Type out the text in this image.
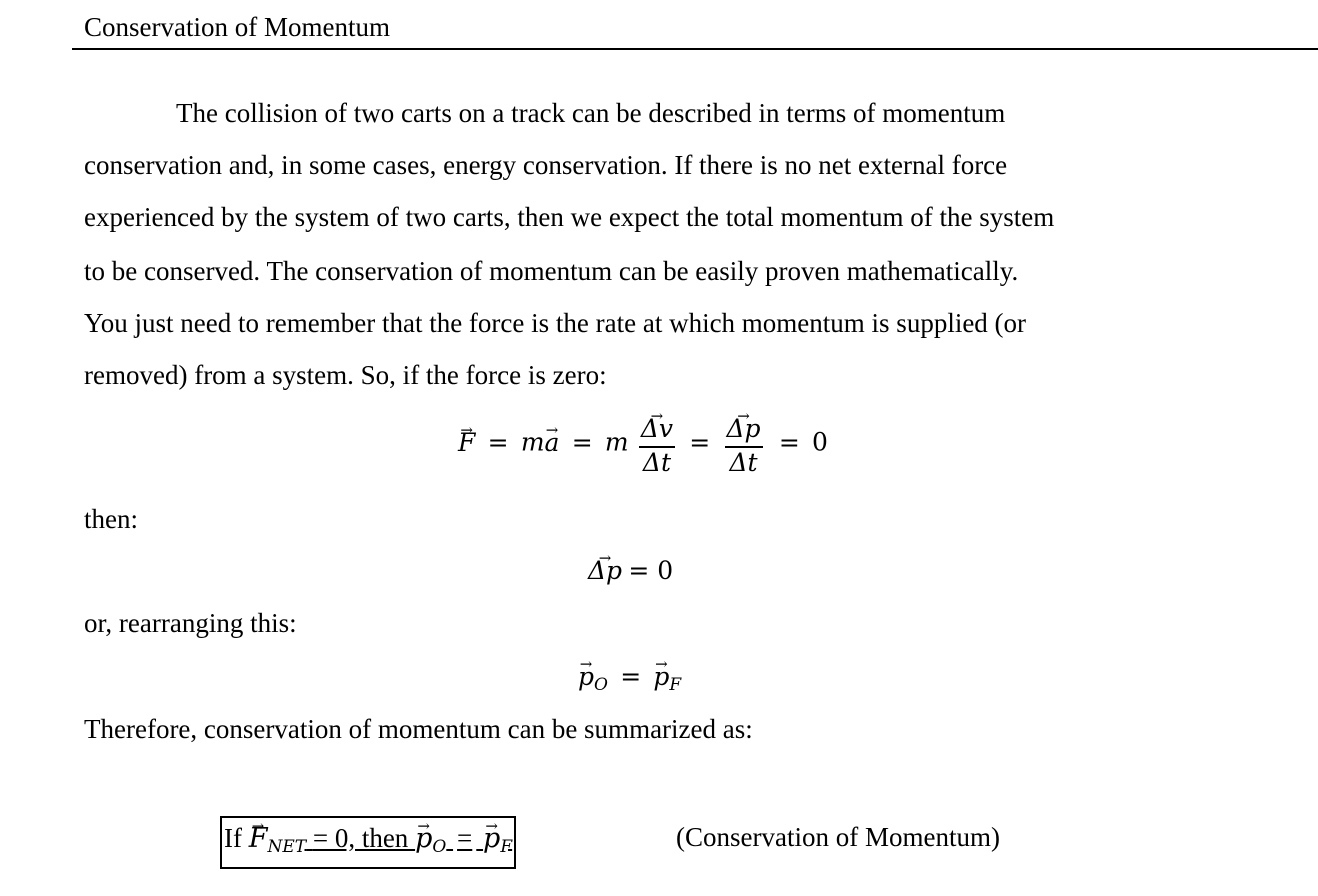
Conservation of Momentum
The collision of two carts on a track can be described in terms of momentum
conservation and, in some cases, energy conservation. If there is no net external force
experienced by the system of two carts, then we expect the total momentum of the system
to be conserved. The conservation of momentum can be easily proven mathematically.
You just need to remember that the force is the rate at which momentum is supplied (or
removed) from a system. So, if the force is zero:
→ F = m→ a = m
→ $\frac{\Delta v}{\Delta t}$ =
→ $\frac{\Delta p}{\Delta t} = 0$
then:
→ Δp = 0
or, rearranging this:
→ $p_O$ = → $p_F$
Therefore, conservation of momentum can be summarized as:
$If \to F_{NET} = 0$, then → $p_O$ = → $p_F$	(Conservation of Momentum)
